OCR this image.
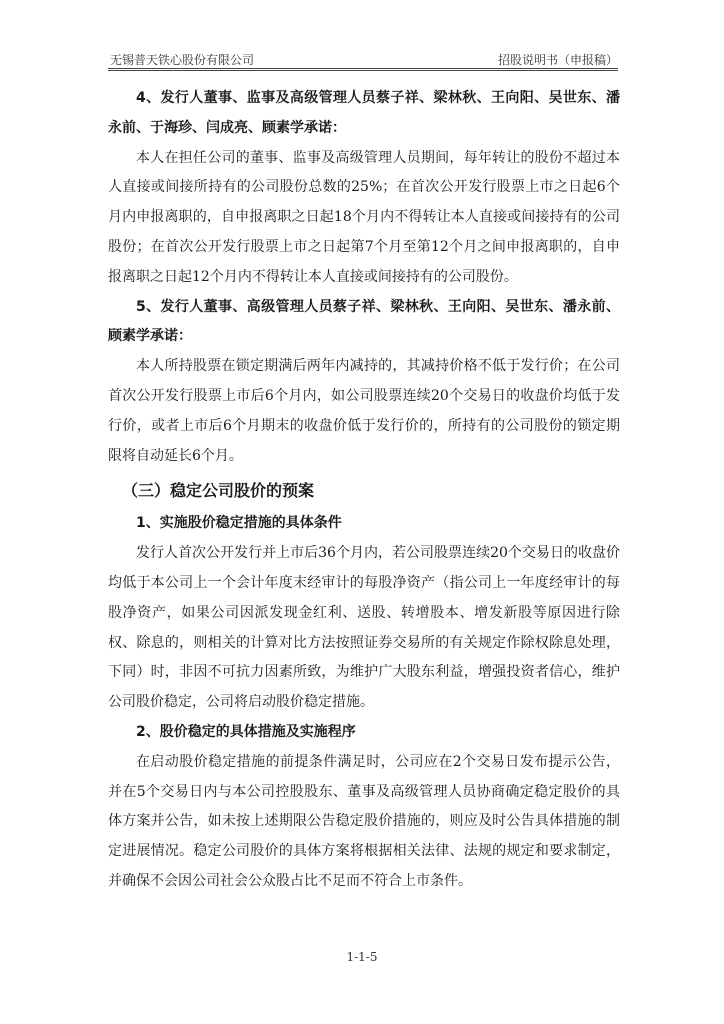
无锡普天铁心股份有限公司	招股说明书（申报稿）

4、发行人董事、监事及高级管理人员蔡子祥、梁林秋、王向阳、吴世东、潘永前、于海珍、闫成亮、顾素学承诺：

本人在担任公司的董事、监事及高级管理人员期间，每年转让的股份不超过本人直接或间接所持有的公司股份总数的25%；在首次公开发行股票上市之日起6个月内申报离职的，自申报离职之日起18个月内不得转让本人直接或间接持有的公司股份；在首次公开发行股票上市之日起第7个月至第12个月之间申报离职的，自申报离职之日起12个月内不得转让本人直接或间接持有的公司股份。

5、发行人董事、高级管理人员蔡子祥、梁林秋、王向阳、吴世东、潘永前、顾素学承诺：

本人所持股票在锁定期满后两年内减持的，其减持价格不低于发行价；在公司首次公开发行股票上市后6个月内，如公司股票连续20个交易日的收盘价均低于发行价，或者上市后6个月期末的收盘价低于发行价的，所持有的公司股份的锁定期限将自动延长6个月。

（三）稳定公司股价的预案

1、实施股价稳定措施的具体条件

发行人首次公开发行并上市后36个月内，若公司股票连续20个交易日的收盘价均低于本公司上一个会计年度末经审计的每股净资产（指公司上一年度经审计的每股净资产，如果公司因派发现金红利、送股、转增股本、增发新股等原因进行除权、除息的，则相关的计算对比方法按照证券交易所的有关规定作除权除息处理，下同）时，非因不可抗力因素所致，为维护广大股东利益，增强投资者信心，维护公司股价稳定，公司将启动股价稳定措施。

2、股价稳定的具体措施及实施程序

在启动股价稳定措施的前提条件满足时，公司应在2个交易日发布提示公告，并在5个交易日内与本公司控股股东、董事及高级管理人员协商确定稳定股价的具体方案并公告，如未按上述期限公告稳定股价措施的，则应及时公告具体措施的制定进展情况。稳定公司股价的具体方案将根据相关法律、法规的规定和要求制定，并确保不会因公司社会公众股占比不足而不符合上市条件。

1-1-5
